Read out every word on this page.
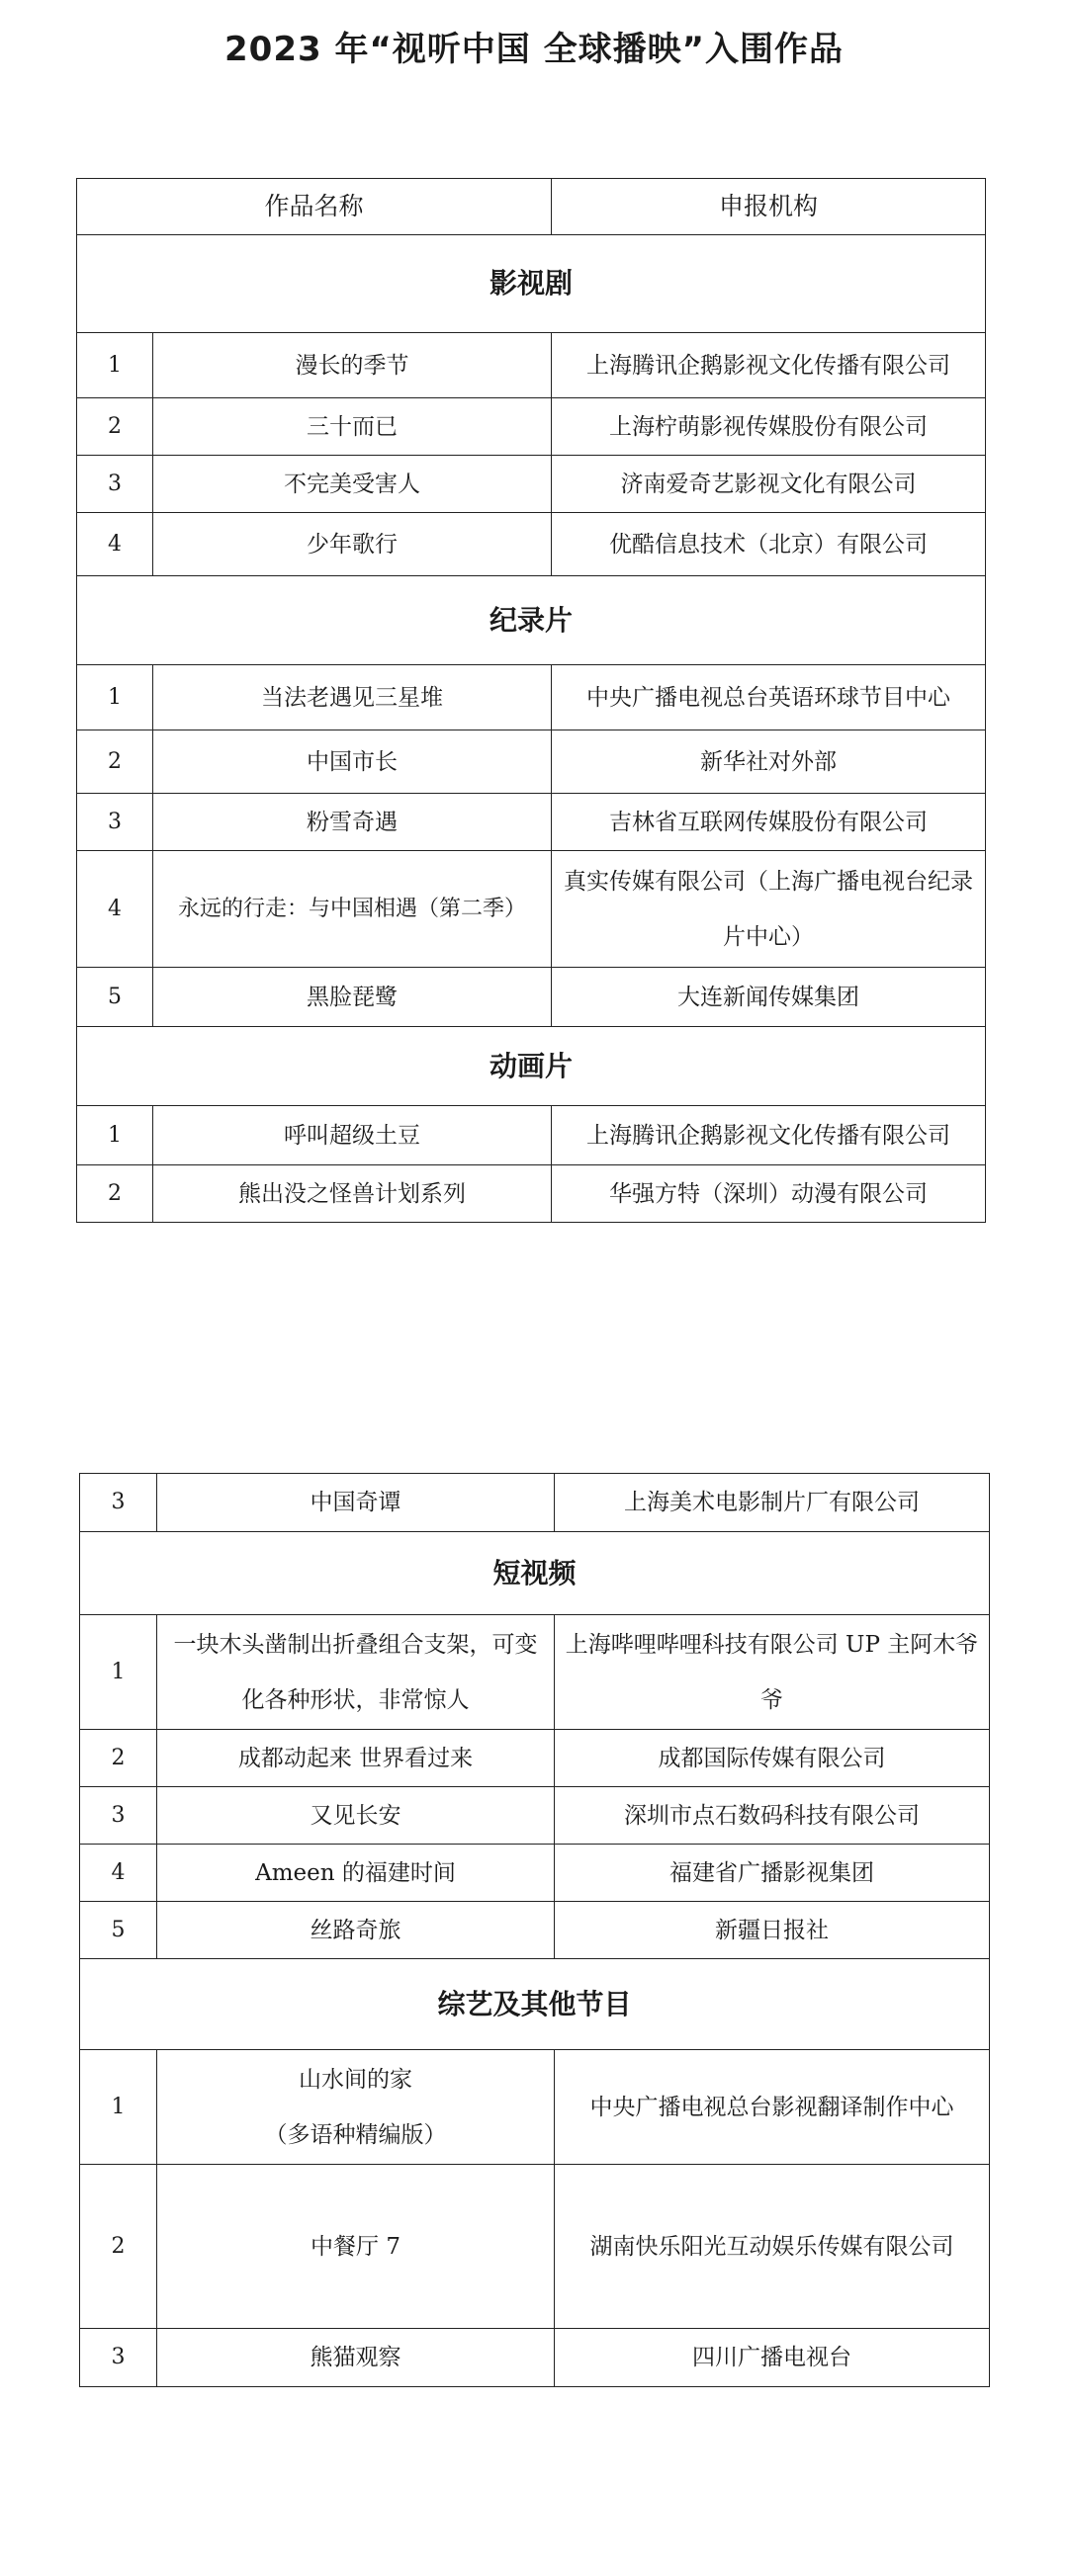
2023 年“视听中国 全球播映”入围作品
作品名称		申报机构
影视剧		
1	漫长的季节	上海腾讯企鹅影视文化传播有限公司
2	三十而已	上海柠萌影视传媒股份有限公司
3	不完美受害人	济南爱奇艺影视文化有限公司
4	少年歌行	优酷信息技术（北京）有限公司
纪录片		
1	当法老遇见三星堆	中央广播电视总台英语环球节目中心
2	中国市长	新华社对外部
3	粉雪奇遇	吉林省互联网传媒股份有限公司
4	永远的行走：与中国相遇（第二季）	真实传媒有限公司（上海广播电视台纪录片中心）
5	黑脸琵鹭	大连新闻传媒集团
动画片		
1	呼叫超级土豆	上海腾讯企鹅影视文化传播有限公司
2	熊出没之怪兽计划系列	华强方特（深圳）动漫有限公司
3	中国奇谭	上海美术电影制片厂有限公司
短视频		
1	一块木头凿制出折叠组合支架，可变化各种形状，非常惊人	上海哔哩哔哩科技有限公司 UP 主阿木爷爷
2	成都动起来 世界看过来	成都国际传媒有限公司
3	又见长安	深圳市点石数码科技有限公司
4	Ameen 的福建时间	福建省广播影视集团
5	丝路奇旅	新疆日报社
综艺及其他节目		
1	山水间的家
（多语种精编版）	中央广播电视总台影视翻译制作中心
2	中餐厅 7	湖南快乐阳光互动娱乐传媒有限公司
3	熊猫观察	四川广播电视台
